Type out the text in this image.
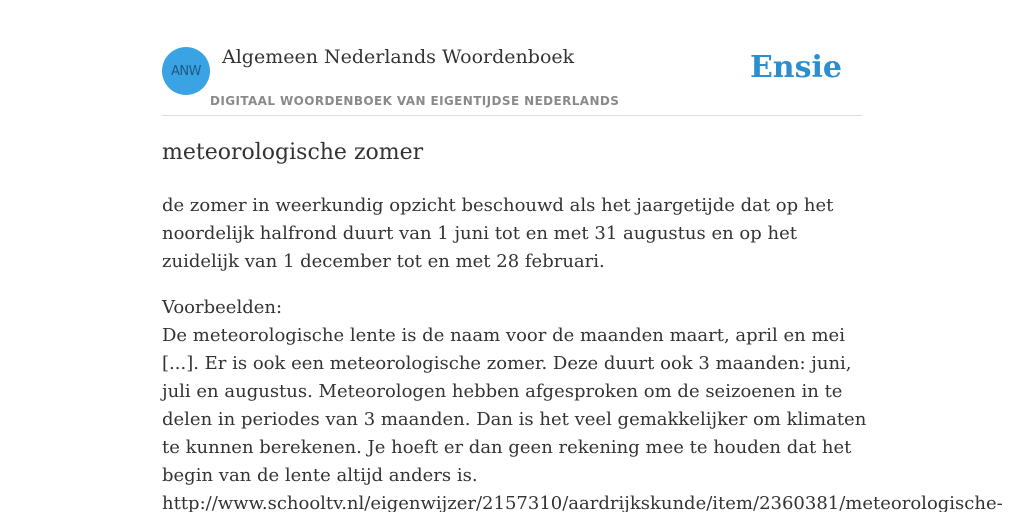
ANW
Algemeen Nederlands Woordenboek
DIGITAAL WOORDENBOEK VAN EIGENTIJDSE NEDERLANDS
Ensie
meteorologische zomer

de zomer in weerkundig opzicht beschouwd als het jaargetijde dat op het noordelijk halfrond duurt van 1 juni tot en met 31 augustus en op het zuidelijk van 1 december tot en met 28 februari.

Voorbeelden:
De meteorologische lente is de naam voor de maanden maart, april en mei [...]. Er is ook een meteorologische zomer. Deze duurt ook 3 maanden: juni, juli en augustus. Meteorologen hebben afgesproken om de seizoenen in te delen in periodes van 3 maanden. Dan is het veel gemakkelijker om klimaten te kunnen berekenen. Je hoeft er dan geen rekening mee te houden dat het begin van de lente altijd anders is.
http://www.schooltv.nl/eigenwijzer/2157310/aardrijkskunde/item/2360381/meteorologische-
